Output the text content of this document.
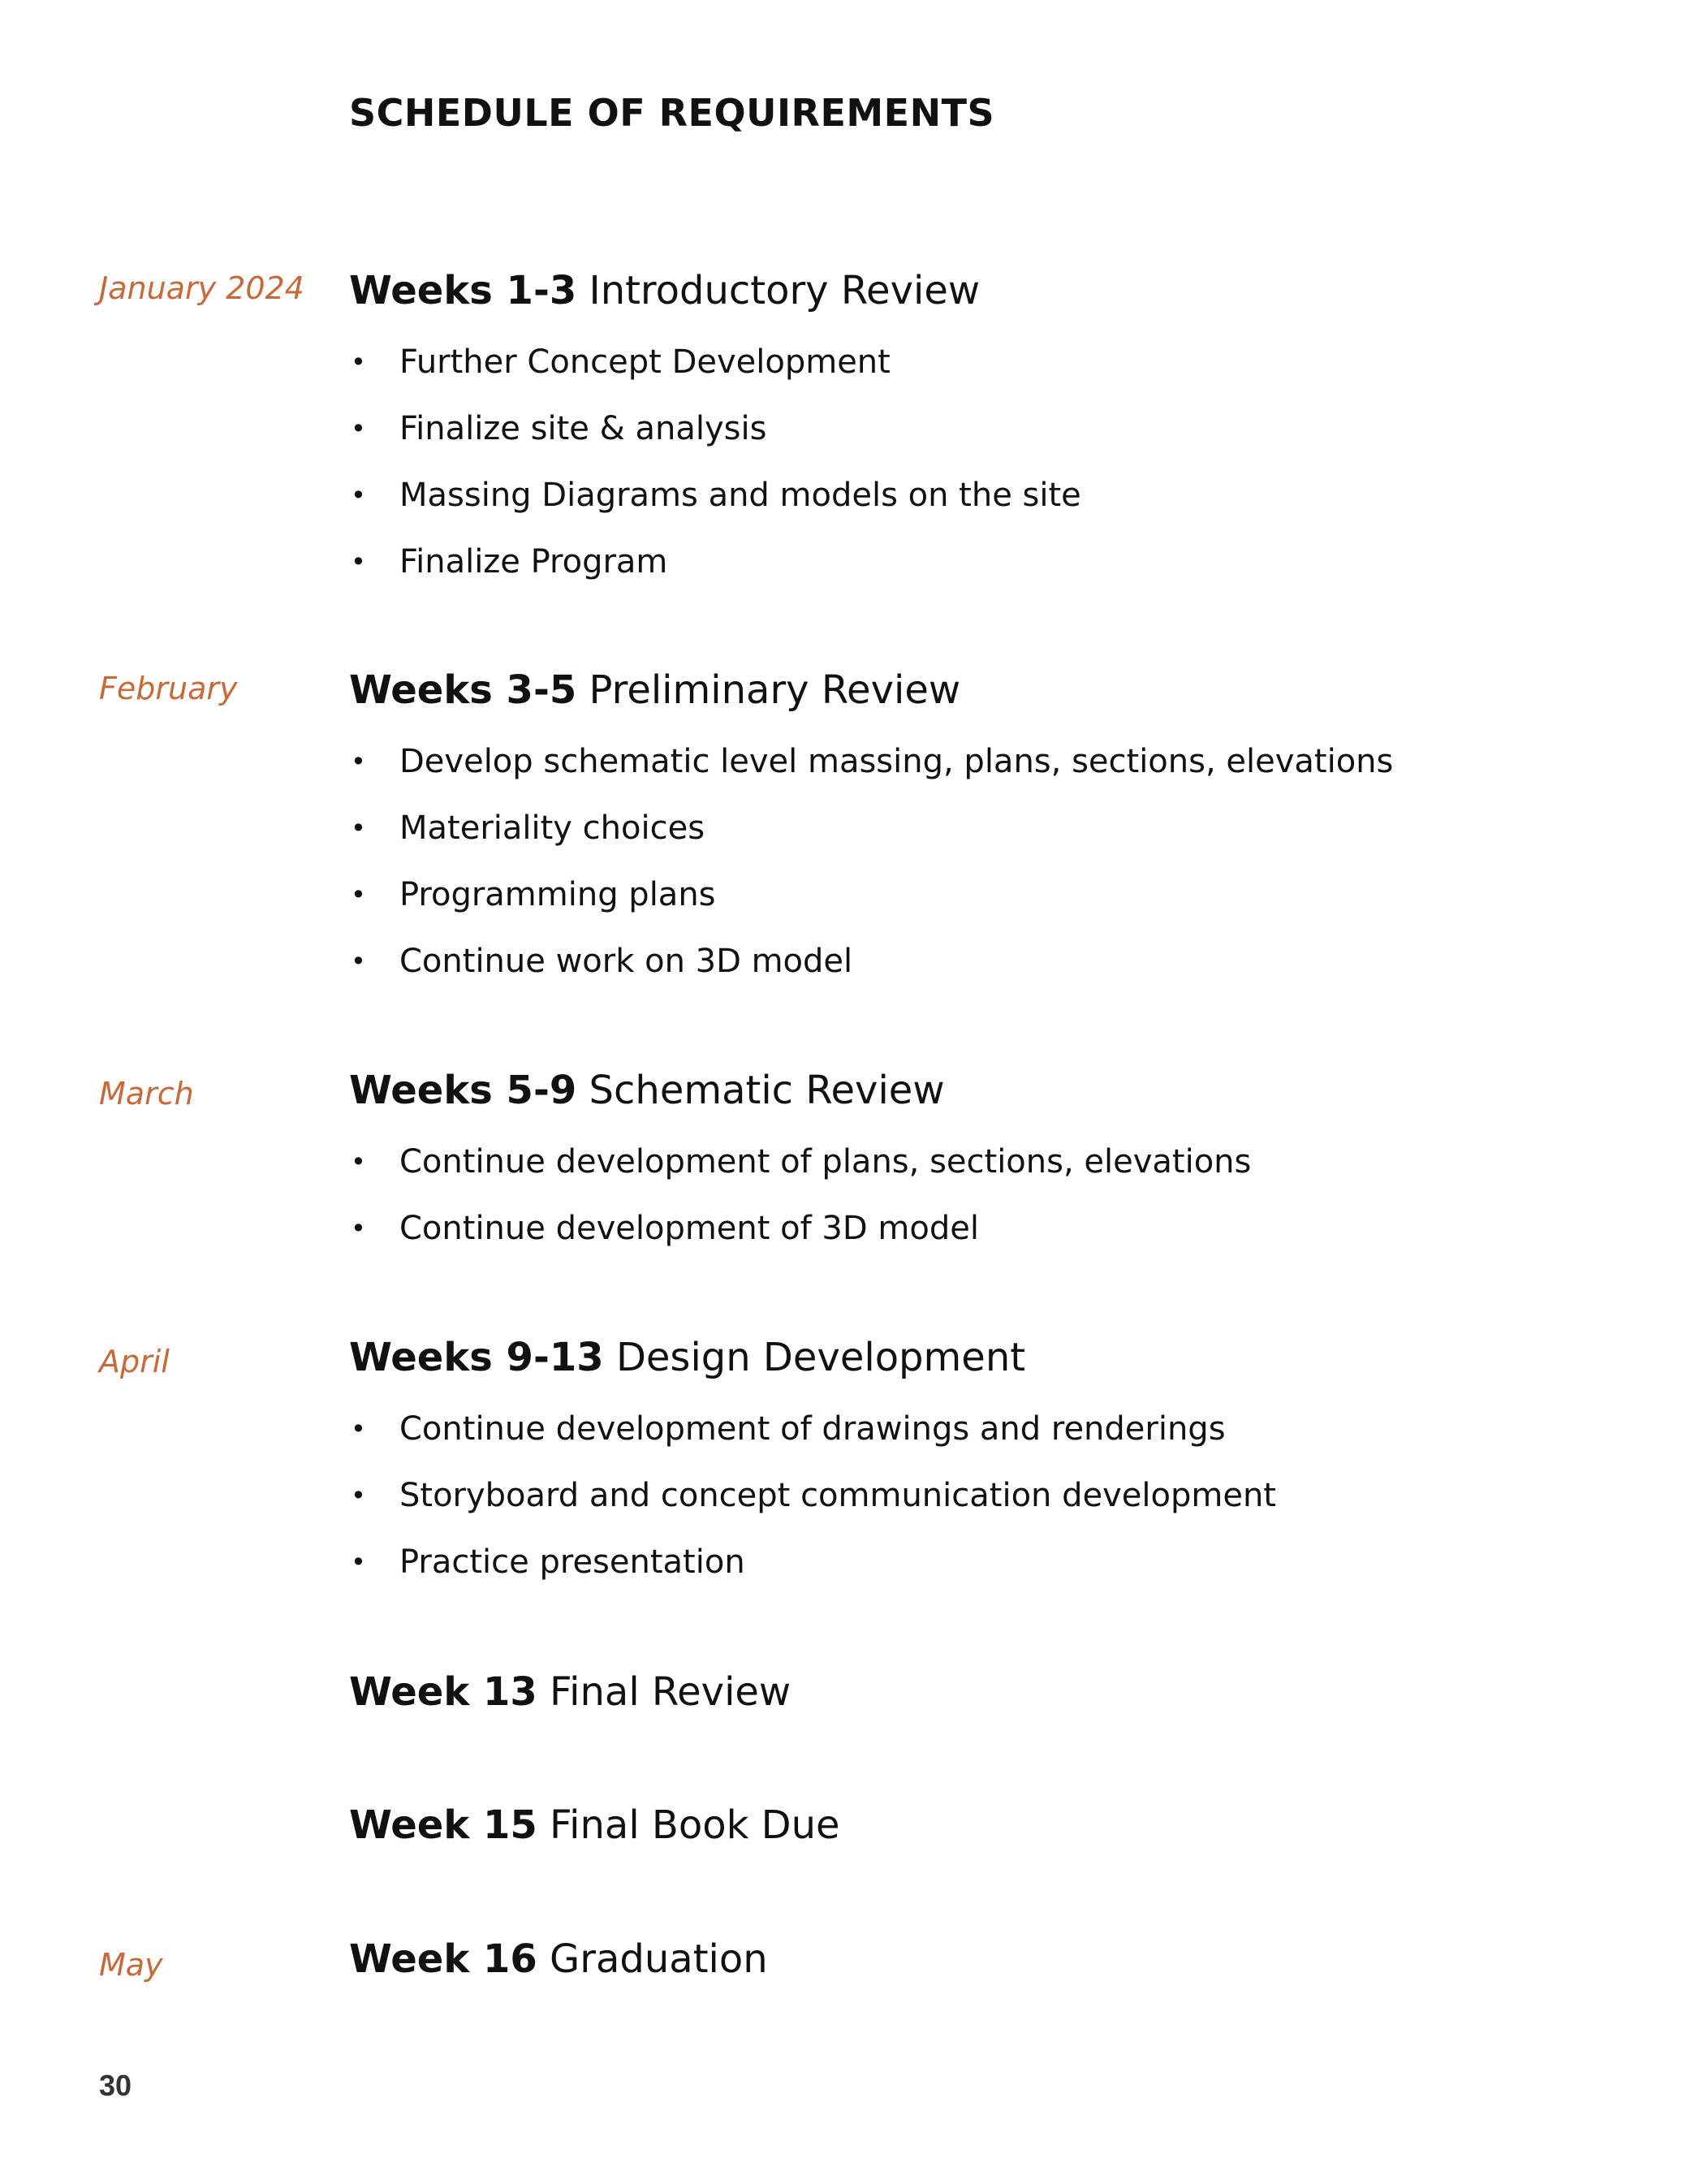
SCHEDULE OF REQUIREMENTS
January 2024 Weeks 1-3 Introductory Review
• Further Concept Development
• Finalize site & analysis
• Massing Diagrams and models on the site
• Finalize Program
February	Weeks 3-5 Preliminary Review
• Develop schematic level massing, plans, sections, elevations
• Materiality choices
• Programming plans
• Continue work on 3D model
March	Weeks 5-9 Schematic Review
• Continue development of plans, sections, elevations
• Continue development of 3D model
April	Weeks 9-13 Design Development
• Continue development of drawings and renderings
• Storyboard and concept communication development
• Practice presentation
Week 13 Final Review
Week 15 Final Book Due
May	Week 16 Graduation
30
